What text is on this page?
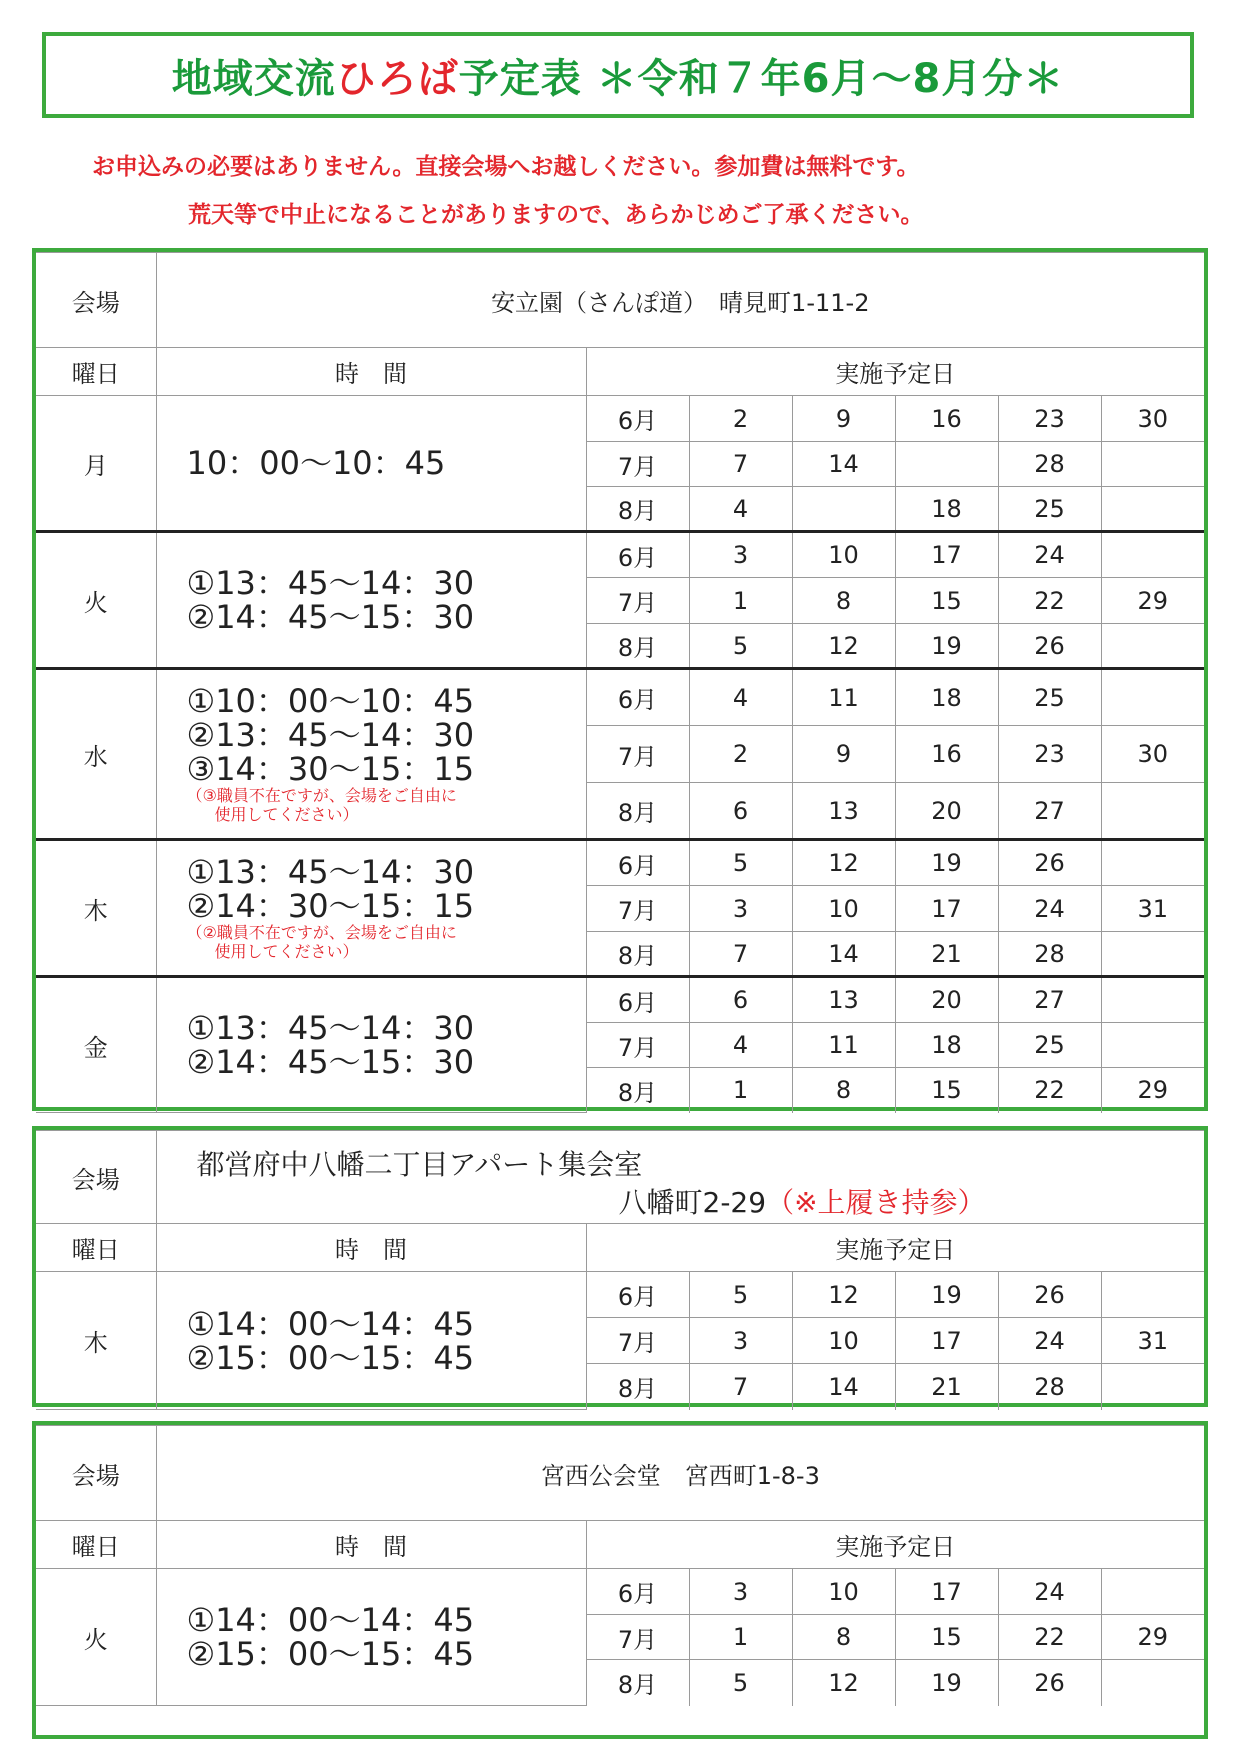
地域交流ひろば予定表 ＊令和７年6月〜8月分＊
お申込みの必要はありません。直接会場へお越しください。参加費は無料です。
荒天等で中止になることがありますので、あらかじめご了承ください。
会場	安立園（さんぽ道）　晴見町1-11-2						
曜日	時　間	実施予定日					
月	10：00〜10：45	6月	2	9	16	23	30
		7月	7	14		28	
		8月	4		18	25	
火	①13：45〜14：30
②14：45〜15：30	6月	3	10	17	24	
		7月	1	8	15	22	29
		8月	5	12	19	26	
水	①10：00〜10：45
②13：45〜14：30
③14：30〜15：15
（③職員不在ですが、会場をご自由に
使用してください）	6月	4	11	18	25	
		7月	2	9	16	23	30
		8月	6	13	20	27	
木	①13：45〜14：30
②14：30〜15：15
（②職員不在ですが、会場をご自由に
使用してください）	6月	5	12	19	26	
		7月	3	10	17	24	31
		8月	7	14	21	28	
金	①13：45〜14：30
②14：45〜15：30	6月	6	13	20	27	
		7月	4	11	18	25	
		8月	1	8	15	22	29
会場	都営府中八幡二丁目アパート集会室
八幡町2-29（※上履き持参）						

曜日	時　間	実施予定日					
木	①14：00〜14：45
②15：00〜15：45	6月	5	12	19	26	
		7月	3	10	17	24	31
		8月	7	14	21	28	
会場	宮西公会堂　宮西町1-8-3						
曜日	時　間	実施予定日					
火	①14：00〜14：45
②15：00〜15：45	6月	3	10	17	24	
		7月	1	8	15	22	29
		8月	5	12	19	26	
